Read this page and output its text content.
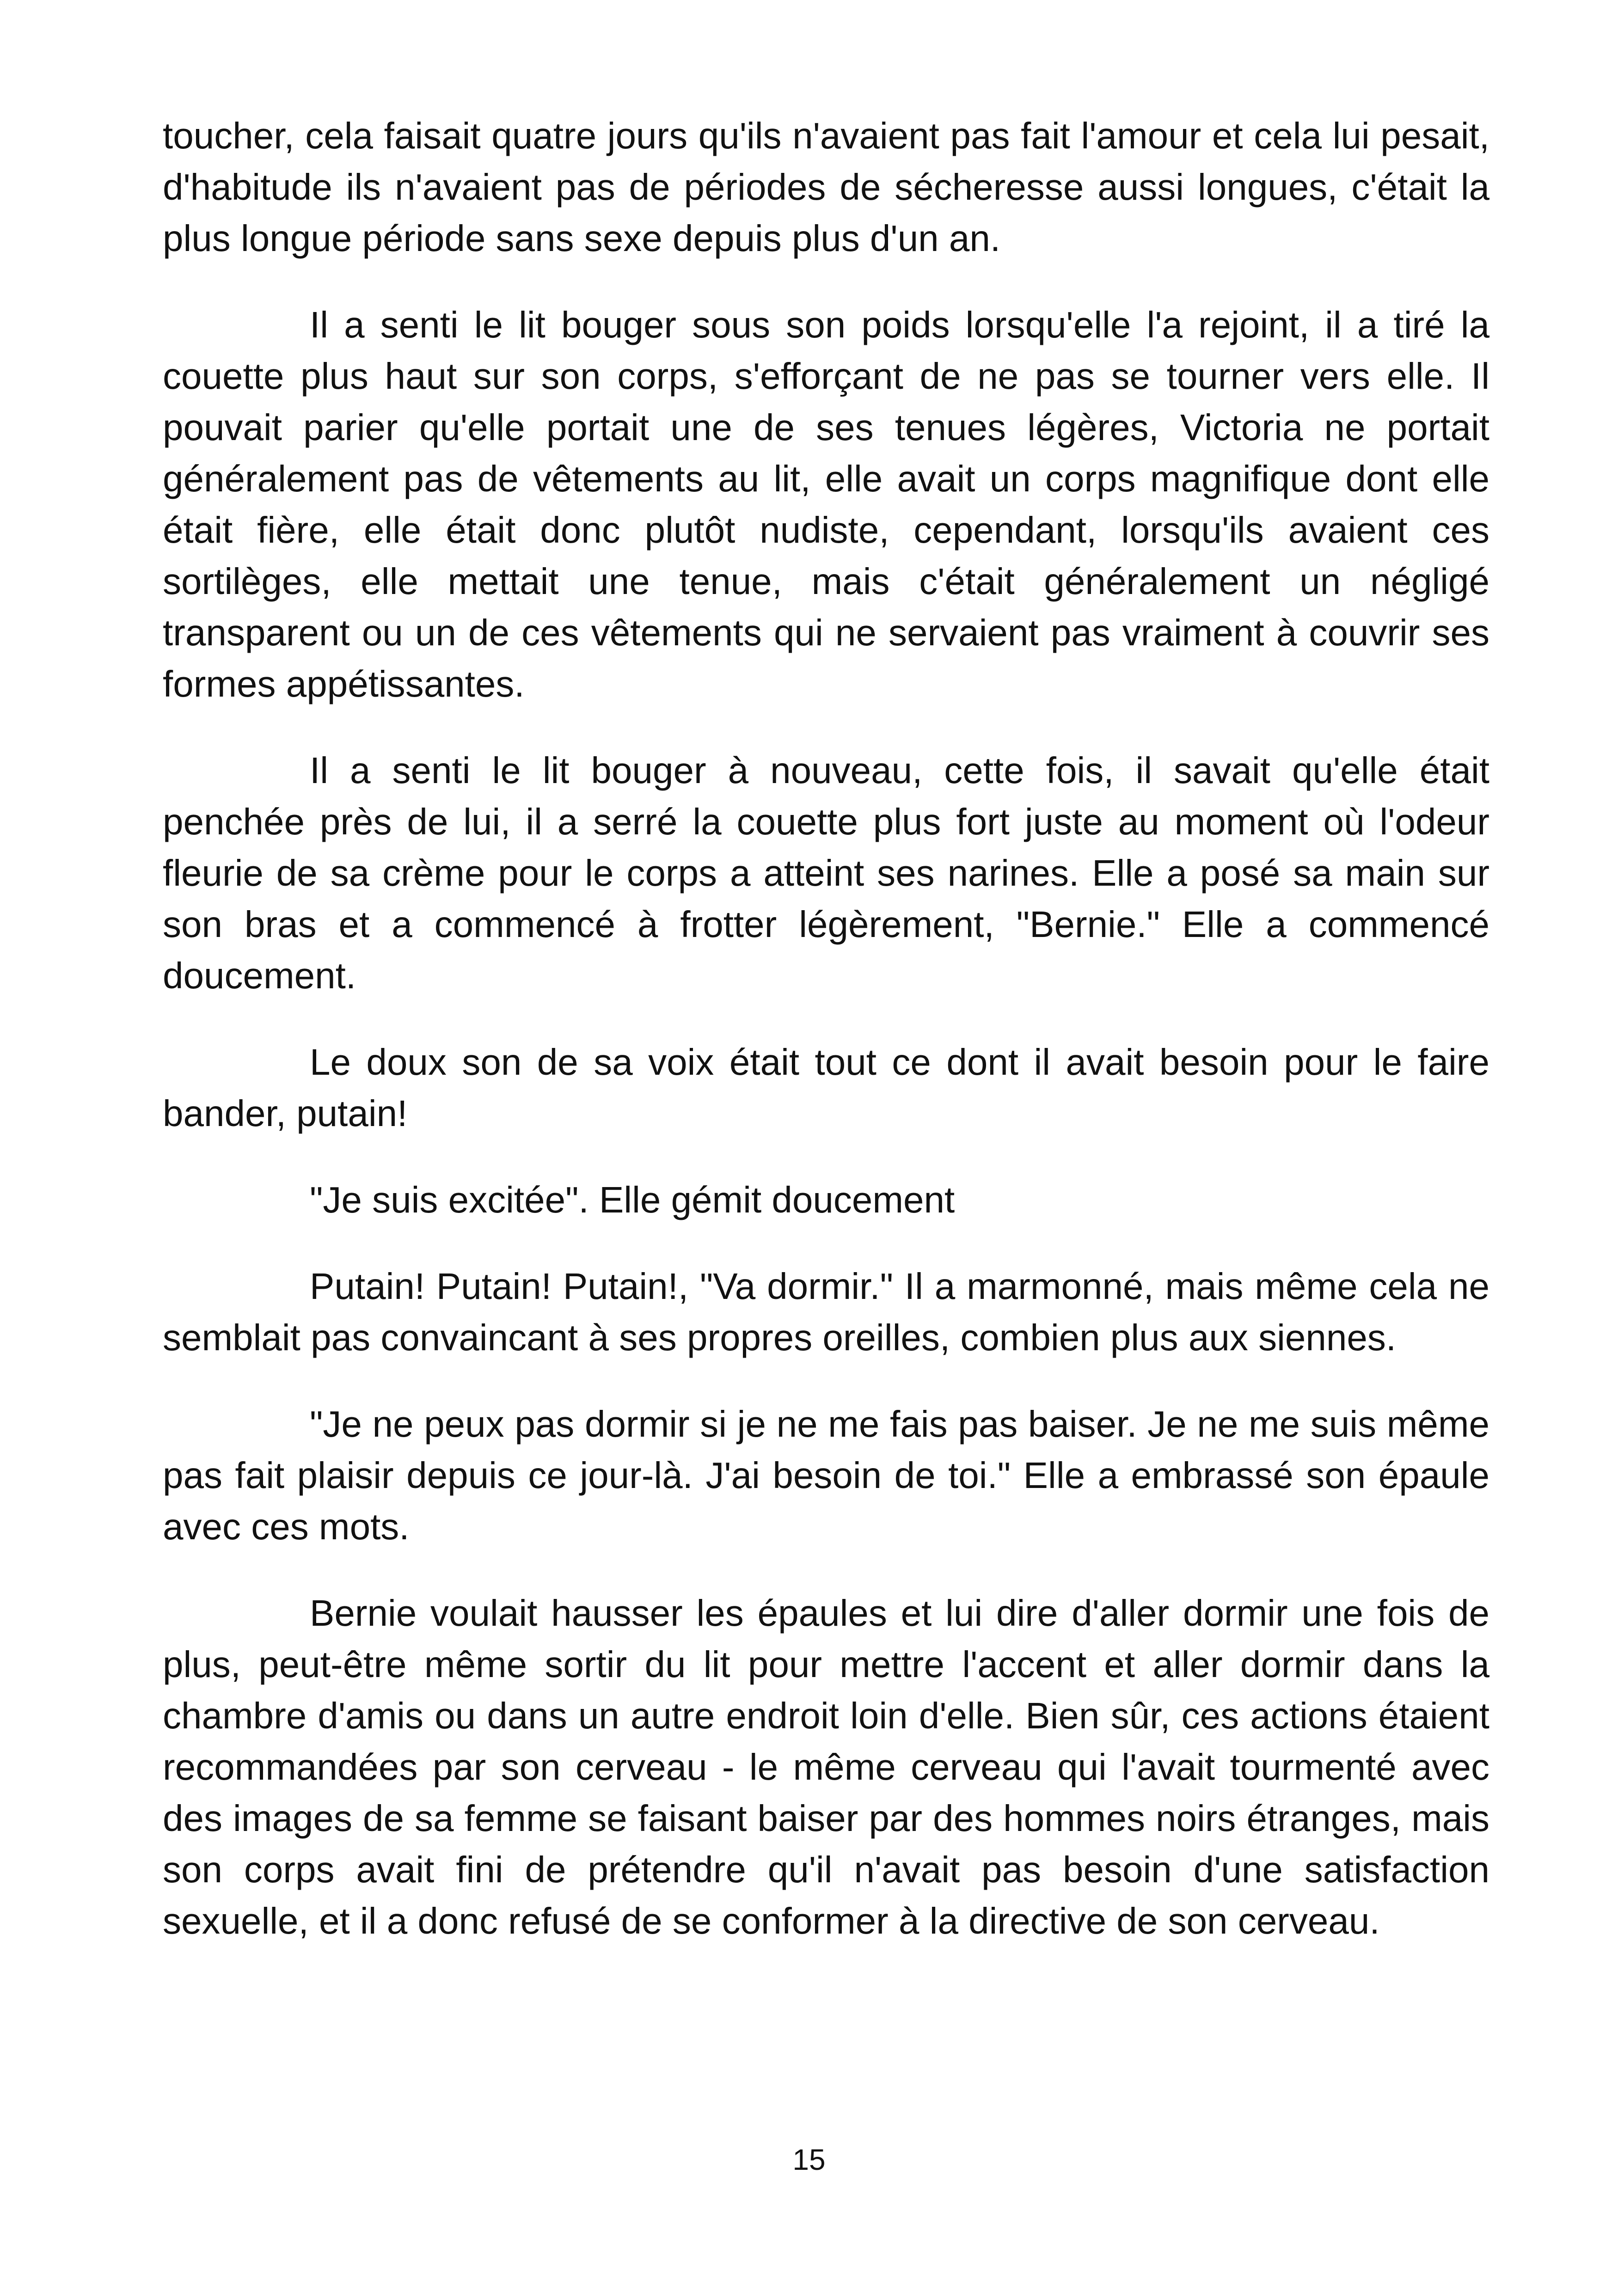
toucher, cela faisait quatre jours qu'ils n'avaient pas fait l'amour et cela lui pesait, d'habitude ils n'avaient pas de périodes de sécheresse aussi longues, c'était la plus longue période sans sexe depuis plus d'un an.

Il a senti le lit bouger sous son poids lorsqu'elle l'a rejoint, il a tiré la couette plus haut sur son corps, s'efforçant de ne pas se tourner vers elle. Il pouvait parier qu'elle portait une de ses tenues légères, Victoria ne portait généralement pas de vêtements au lit, elle avait un corps magnifique dont elle était fière, elle était donc plutôt nudiste, cependant, lorsqu'ils avaient ces sortilèges, elle mettait une tenue, mais c'était généralement un négligé transparent ou un de ces vêtements qui ne servaient pas vraiment à couvrir ses formes appétissantes.

Il a senti le lit bouger à nouveau, cette fois, il savait qu'elle était penchée près de lui, il a serré la couette plus fort juste au moment où l'odeur fleurie de sa crème pour le corps a atteint ses narines. Elle a posé sa main sur son bras et a commencé à frotter légèrement, "Bernie." Elle a commencé doucement.

Le doux son de sa voix était tout ce dont il avait besoin pour le faire bander, putain!

"Je suis excitée". Elle gémit doucement

Putain! Putain! Putain!, "Va dormir." Il a marmonné, mais même cela ne semblait pas convaincant à ses propres oreilles, combien plus aux siennes.

"Je ne peux pas dormir si je ne me fais pas baiser. Je ne me suis même pas fait plaisir depuis ce jour-là. J'ai besoin de toi." Elle a embrassé son épaule avec ces mots.

Bernie voulait hausser les épaules et lui dire d'aller dormir une fois de plus, peut-être même sortir du lit pour mettre l'accent et aller dormir dans la chambre d'amis ou dans un autre endroit loin d'elle. Bien sûr, ces actions étaient recommandées par son cerveau - le même cerveau qui l'avait tourmenté avec des images de sa femme se faisant baiser par des hommes noirs étranges, mais son corps avait fini de prétendre qu'il n'avait pas besoin d'une satisfaction sexuelle, et il a donc refusé de se conformer à la directive de son cerveau.

15
